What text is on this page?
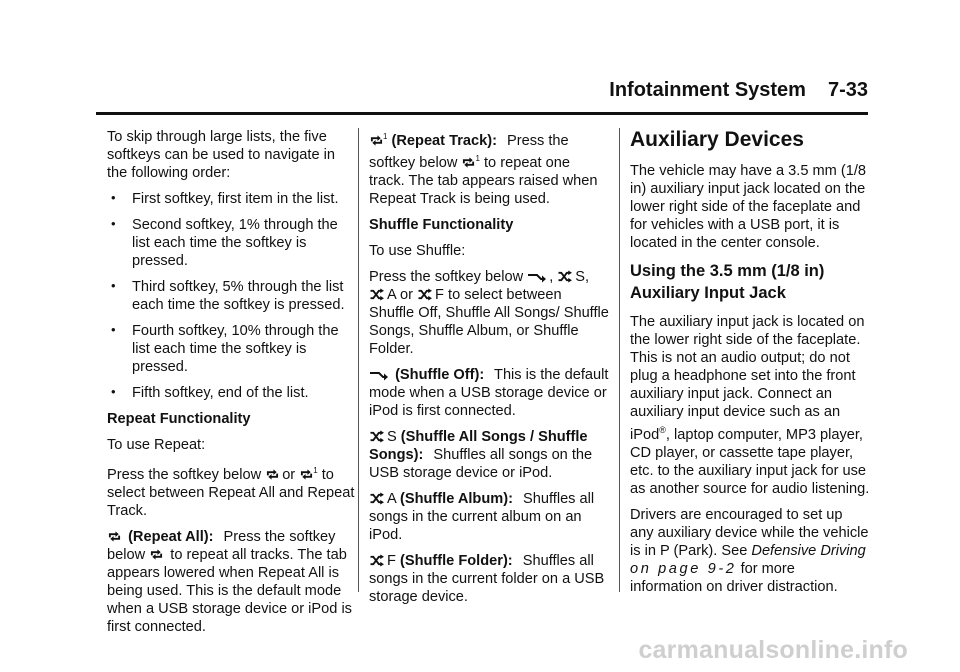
Infotainment System 7-33

To skip through large lists, the five softkeys can be used to navigate in the following order:

• First softkey, first item in the list.
• Second softkey, 1% through the list each time the softkey is pressed.
• Third softkey, 5% through the list each time the softkey is pressed.
• Fourth softkey, 10% through the list each time the softkey is pressed.
• Fifth softkey, end of the list.

Repeat Functionality

To use Repeat:

Press the softkey below or $^1$ to select between Repeat All and Repeat Track.

(Repeat All): Press the softkey below to repeat all tracks. The tab appears lowered when Repeat All is being used. This is the default mode when a USB storage device or iPod is first connected.

$^1$ (Repeat Track): Press the softkey below $^1$ to repeat one track. The tab appears raised when Repeat Track is being used.

Shuffle Functionality

To use Shuffle:

Press the softkey below , S, A or F to select between Shuffle Off, Shuffle All Songs/ Shuffle Songs, Shuffle Album, or Shuffle Folder.

(Shuffle Off): This is the default mode when a USB storage device or iPod is first connected.

S (Shuffle All Songs / Shuffle Songs): Shuffles all songs on the USB storage device or iPod.

A (Shuffle Album): Shuffles all songs in the current album on an iPod.

F (Shuffle Folder): Shuffles all songs in the current folder on a USB storage device.

Auxiliary Devices

The vehicle may have a 3.5 mm (1/8 in) auxiliary input jack located on the lower right side of the faceplate and for vehicles with a USB port, it is located in the center console.

Using the 3.5 mm (1/8 in) Auxiliary Input Jack

The auxiliary input jack is located on the lower right side of the faceplate. This is not an audio output; do not plug a headphone set into the front auxiliary input jack. Connect an auxiliary input device such as an iPod®, laptop computer, MP3 player, CD player, or cassette tape player, etc. to the auxiliary input jack for use as another source for audio listening.

Drivers are encouraged to set up any auxiliary device while the vehicle is in P (Park). See Defensive Driving on page 9-2 for more information on driver distraction.

carmanualsonline.info
